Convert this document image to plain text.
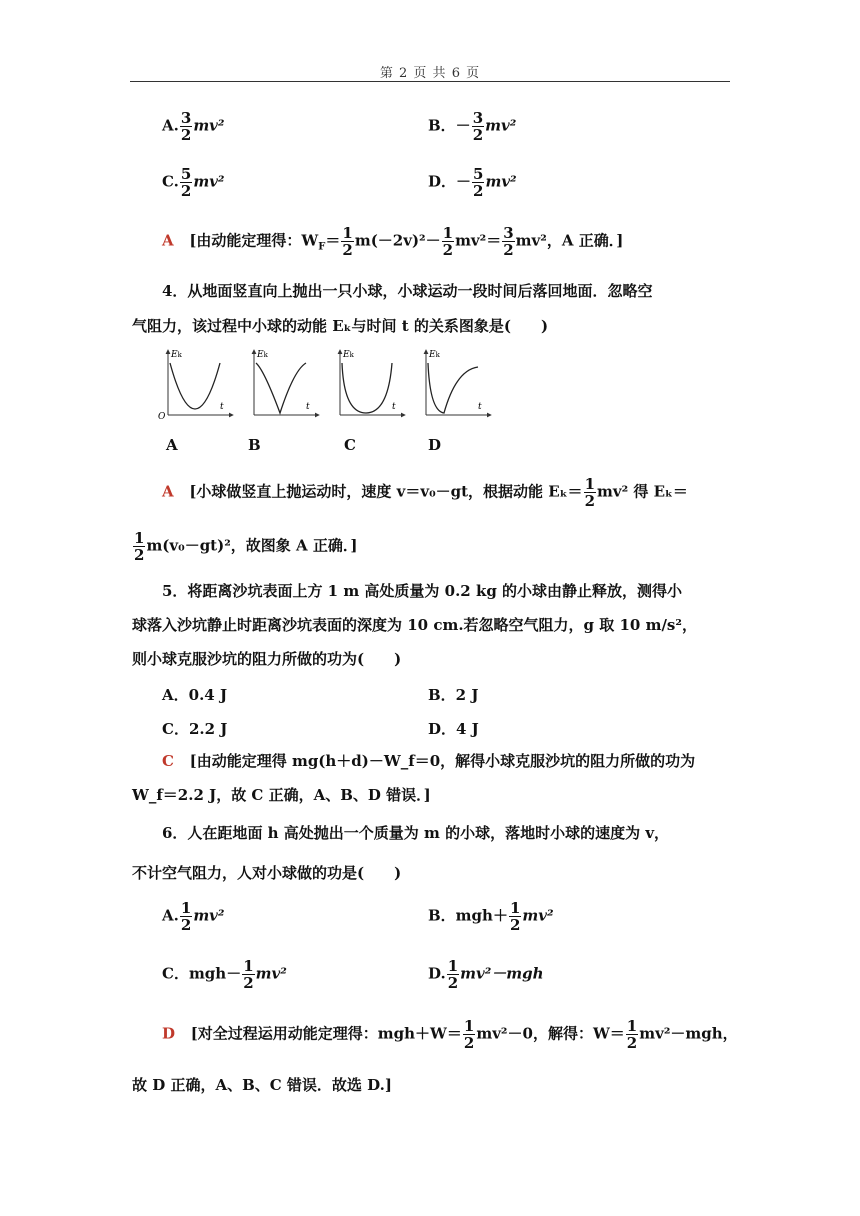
第 2 页 共 6 页
A. $\frac{3}{2} mv^2$	B．－ $\frac{3}{2} mv^2$
C. $\frac{5}{2} mv^2$	D．－ $\frac{5}{2} mv^2$
A [由动能定理得：$W_F= \frac{1}{2} m(-2v)^2- \frac{1}{2} mv^2= \frac{3}{2} mv^2$，A 正确．]
4．从地面竖直向上抛出一只小球，小球运动一段时间后落回地面．忽略空
气阻力，该过程中小球的动能 Eₖ与时间 t 的关系图象是(　　)
Ek
t
O
Ek
t
Ek
t
Ek
t
A	B	C	D
A [小球做竖直上抛运动时，速度 v＝v₀－gt，根据动能 $E_k= \frac{1}{2} mv^2$ 得 Eₖ＝
$\frac{1}{2} m(v_0-gt)^2$，故图象 A 正确．]
5．将距离沙坑表面上方 1 m 高处质量为 0.2 kg 的小球由静止释放，测得小
球落入沙坑静止时距离沙坑表面的深度为 10 cm.若忽略空气阻力，g 取 10 m/s²，
则小球克服沙坑的阻力所做的功为(　　)
A．0.4 J	B．2 J
C．2.2 J	D．4 J
C [由动能定理得 mg(h＋d)－W_f＝0，解得小球克服沙坑的阻力所做的功为
W_f＝2.2 J，故 C 正确，A、B、D 错误．]
6．人在距地面 h 高处抛出一个质量为 m 的小球，落地时小球的速度为 v，
不计空气阻力，人对小球做的功是(　　)
A. $\frac{1}{2} mv^2$	B．$mgh+ \frac{1}{2} mv^2$
C．$mgh- \frac{1}{2} mv^2$	D. $\frac{1}{2} mv^2-mgh$
D [对全过程运用动能定理得：$mgh+W= \frac{1}{2} mv^2-0$，解得：$W= \frac{1}{2} mv^2-mgh$，
故 D 正确，A、B、C 错误．故选 D.]
